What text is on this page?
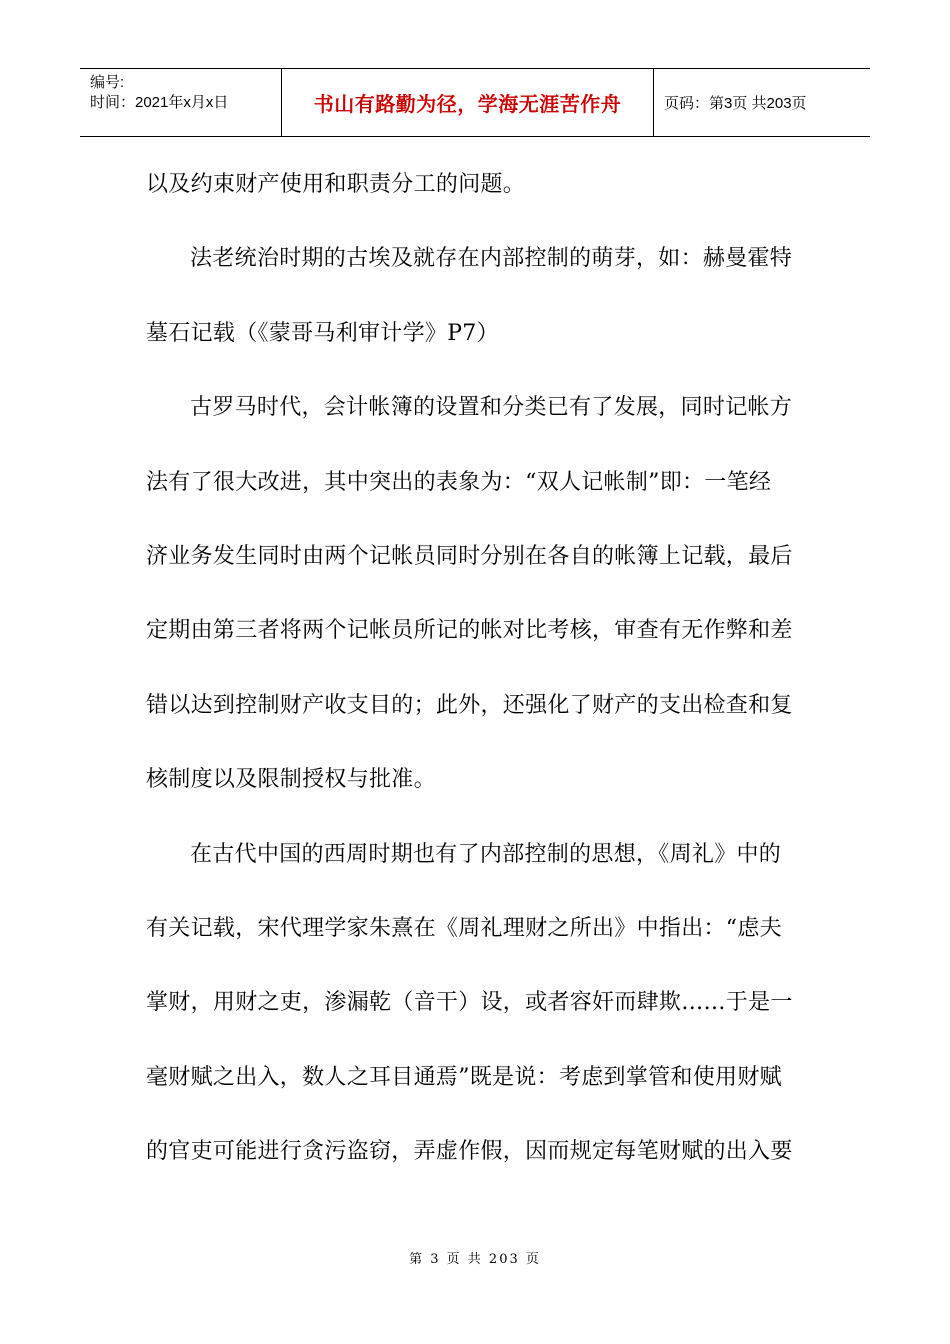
编号:
时间：2021年x月x日	书山有路勤为径，学海无涯苦作舟	页码：第3页 共203页
以及约束财产使用和职责分工的问题。
法老统治时期的古埃及就存在内部控制的萌芽，如：赫曼霍特
墓石记载（《蒙哥马利审计学》P7）
古罗马时代，会计帐簿的设置和分类已有了发展，同时记帐方
法有了很大改进，其中突出的表象为：“双人记帐制”即：一笔经
济业务发生同时由两个记帐员同时分别在各自的帐簿上记载，最后
定期由第三者将两个记帐员所记的帐对比考核，审查有无作弊和差
错以达到控制财产收支目的；此外，还强化了财产的支出检查和复
核制度以及限制授权与批准。
在古代中国的西周时期也有了内部控制的思想，《周礼》中的
有关记载，宋代理学家朱熹在《周礼理财之所出》中指出：“虑夫
掌财，用财之吏，渗漏乾（音干）设，或者容奸而肆欺……于是一
毫财赋之出入，数人之耳目通焉”既是说：考虑到掌管和使用财赋
的官吏可能进行贪污盗窃，弄虚作假，因而规定每笔财赋的出入要
第 3 页 共 203 页
